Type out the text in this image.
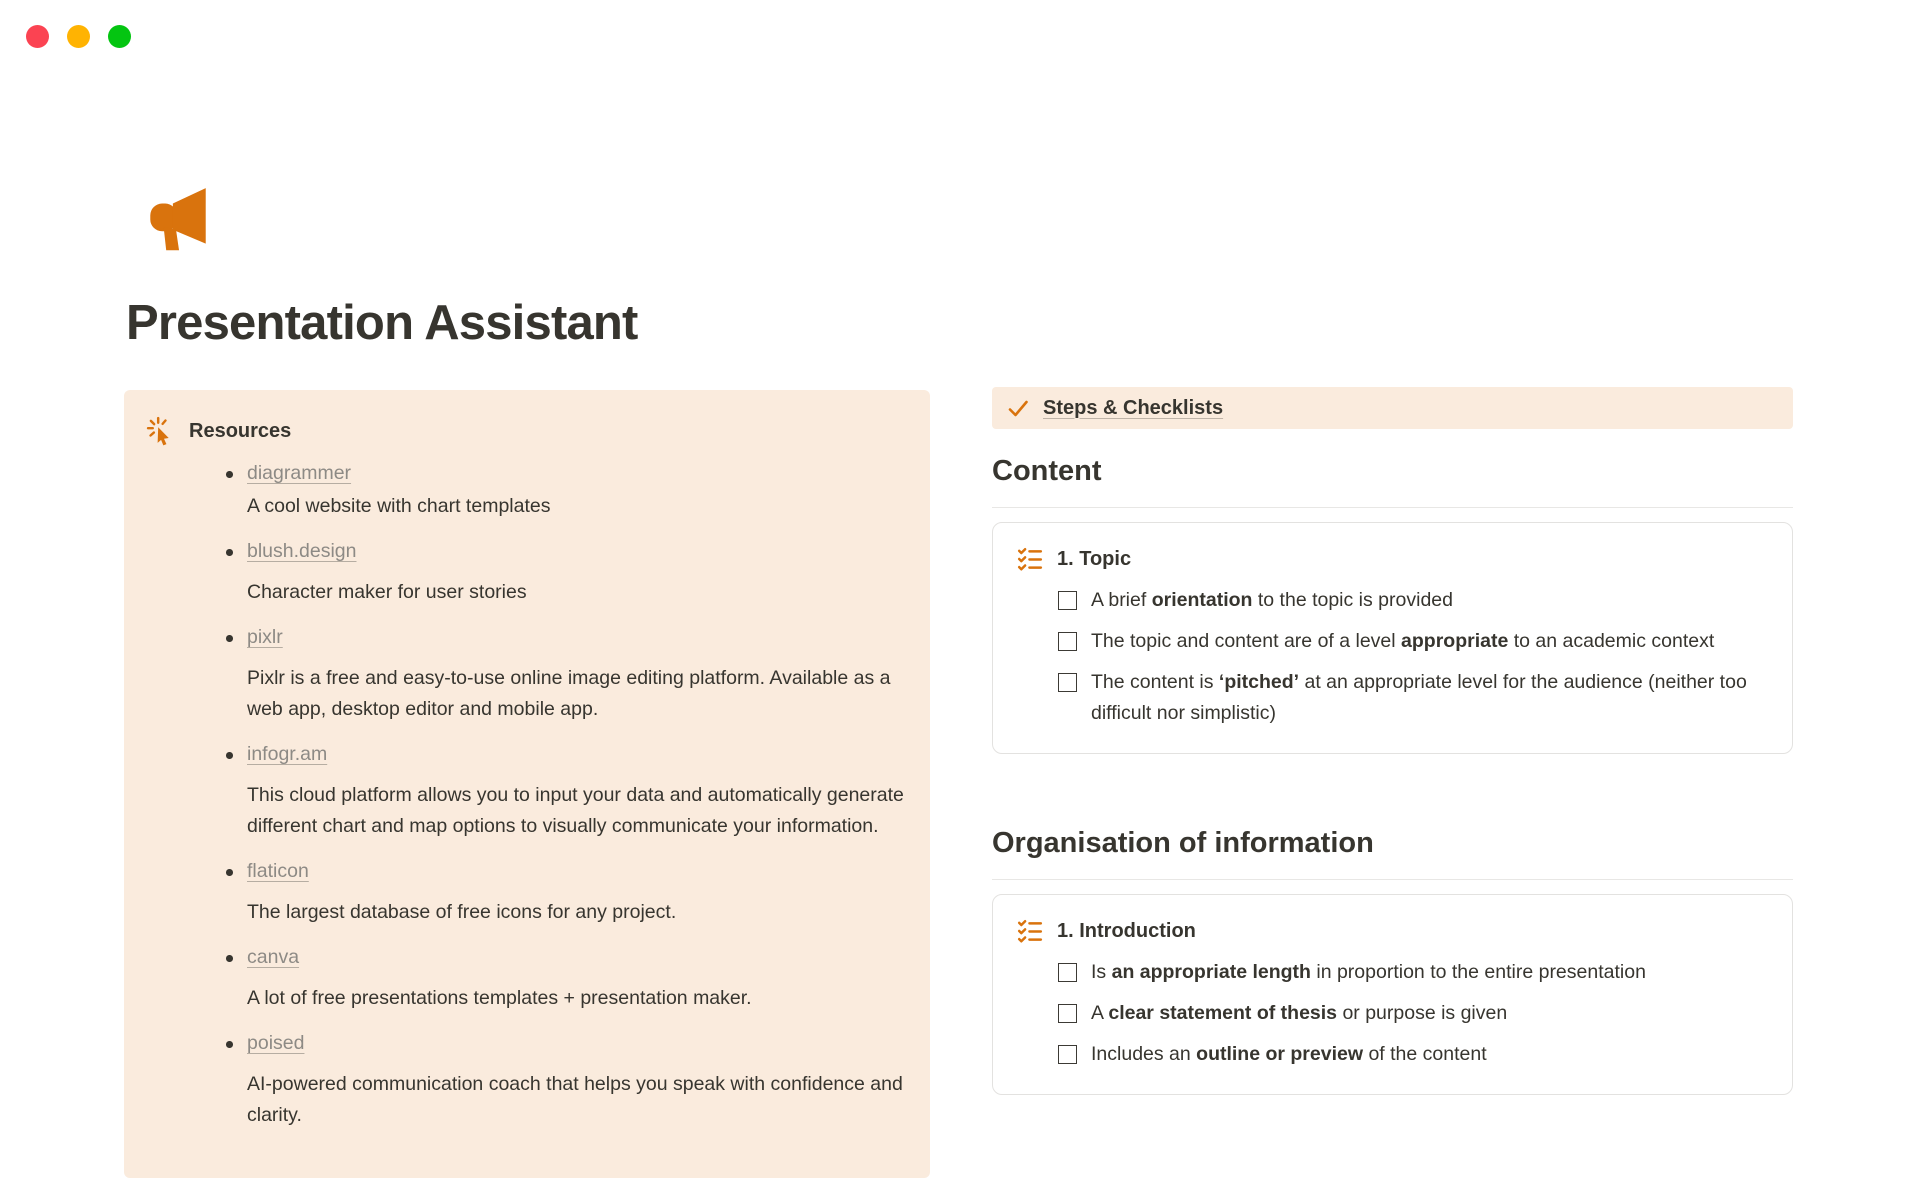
Presentation Assistant
Resources
diagrammer
A cool website with chart templates
blush.design
Character maker for user stories
pixlr
Pixlr is a free and easy-to-use online image editing platform. Available as a web app, desktop editor and mobile app.
infogr.am
This cloud platform allows you to input your data and automatically generate different chart and map options to visually communicate your information.
flaticon
The largest database of free icons for any project.
canva
A lot of free presentations templates + presentation maker.
poised
AI-powered communication coach that helps you speak with confidence and clarity.
Steps & Checklists
Content
1. Topic
A brief orientation to the topic is provided
The topic and content are of a level appropriate to an academic context
The content is ‘pitched’ at an appropriate level for the audience (neither too difficult nor simplistic)
Organisation of information
1. Introduction
Is an appropriate length in proportion to the entire presentation
A clear statement of thesis or purpose is given
Includes an outline or preview of the content
